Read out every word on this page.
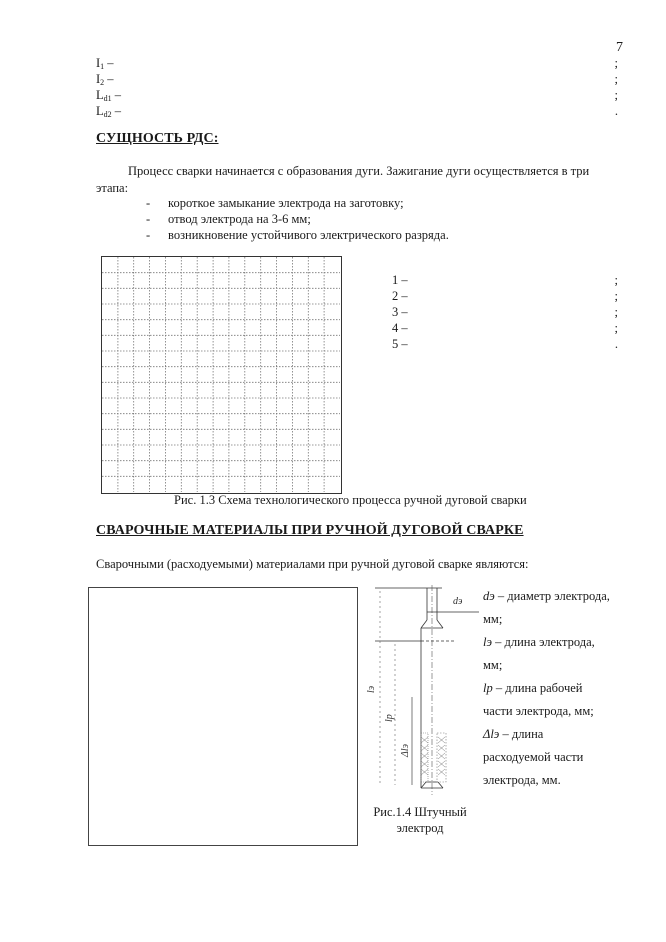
7
$I_1$ –	;
$I_2$ –	;
$L_{d1}$ –	;
$L_{d2}$ –	.
СУЩНОСТЬ РДС:
Процесс сварки начинается с образования дуги. Зажигание дуги осуществляется в три
этапа:
- короткое замыкание электрода на заготовку;
- отвод электрода на 3-6 мм;
- возникновение устойчивого электрического разряда.
1 –	;
2 –	;
3 –	;
4 –	;
5 –	.
Рис. 1.3 Схема технологического процесса ручной дуговой сварки
СВАРОЧНЫЕ МАТЕРИАЛЫ ПРИ РУЧНОЙ ДУГОВОЙ СВАРКЕ
Сварочными (расходуемыми) материалами при ручной дуговой сварке являются:
dэ
lэ
lр
Δlэ
dэ – диаметр электрода,
мм;
lэ – длина электрода,
мм;
lр – длина рабочей
части электрода, мм;
Δlэ – длина
расходуемой части
электрода, мм.
Рис.1.4 Штучный
электрод
